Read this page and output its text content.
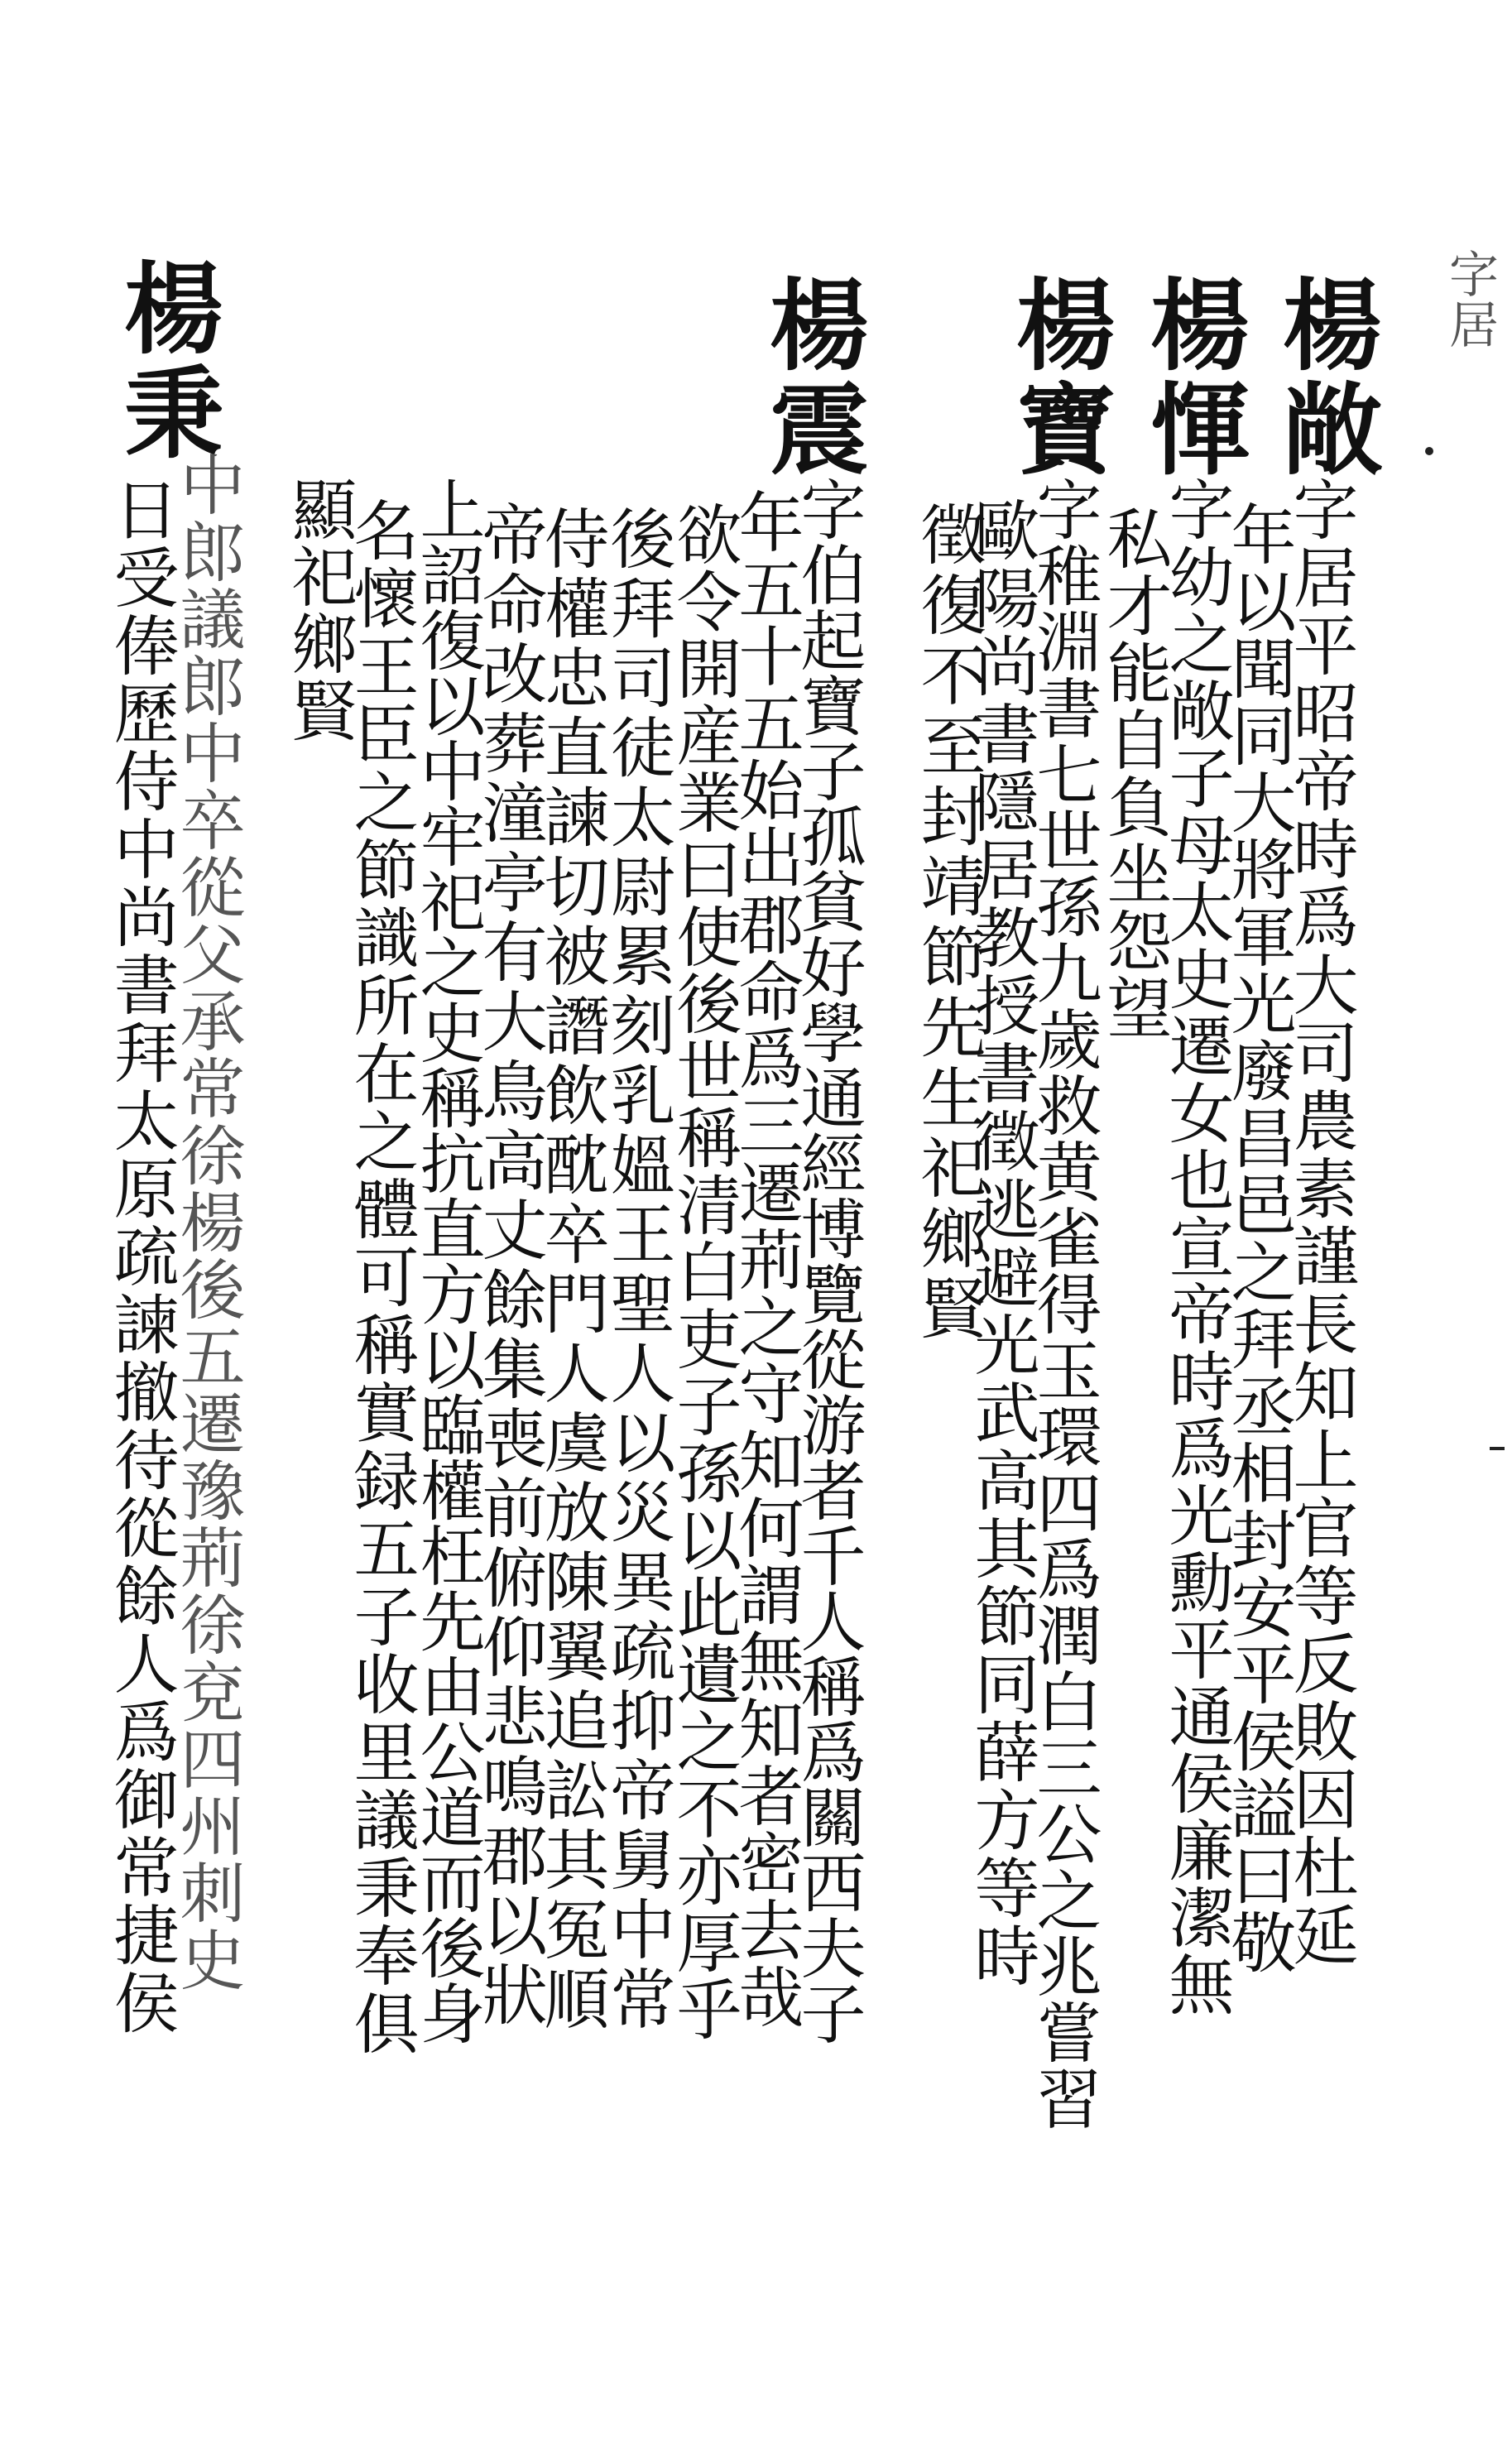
字居
楊敞
字居平昭帝時爲大司農素謹長知上官等反敗因杜延
年以聞同大將軍光廢昌邑之拜丞相封安平侯謚曰敬
楊惲
字幼之敞子母太史遷女也宣帝時爲光勳平通侯廉潔無
私才能自負坐怨望
楊寶
字稚淵書七世孫九歲救黄雀得玉環四爲潤白三公之兆嘗習
歐陽尚書隱居教授書徵逃避光武高其節同薛方等時
徵復不至封靖節先生祀鄉賢
楊震
字伯起寶子孤貧好學通經博覽從游者千人稱爲關西夫子
年五十五始出郡命爲三遷荊之守知何謂無知者密去哉
欲令開産業曰使後世稱清白吏子孫以此遺之不亦厚乎
後拜司徒太尉累刻乳媼王聖人以災異疏抑帝舅中常
侍權忠直諫切被譖飲酖卒門人虞放陳翼追訟其冤順
帝命改葬潼亭有大鳥高丈餘集喪前俯仰悲鳴郡以狀
上詔復以中牢祀之史稱抗直方以臨權枉先由公道而後身
名懷王臣之節識所在之體可稱實録五子收里議秉奉俱
顯祀鄉賢
楊秉
中郎議郎中卒從父承常徐楊後五遷豫荊徐兗四州刺史
日受俸歷侍中尚書拜太原疏諫撤待從餘人爲御常捷侯
